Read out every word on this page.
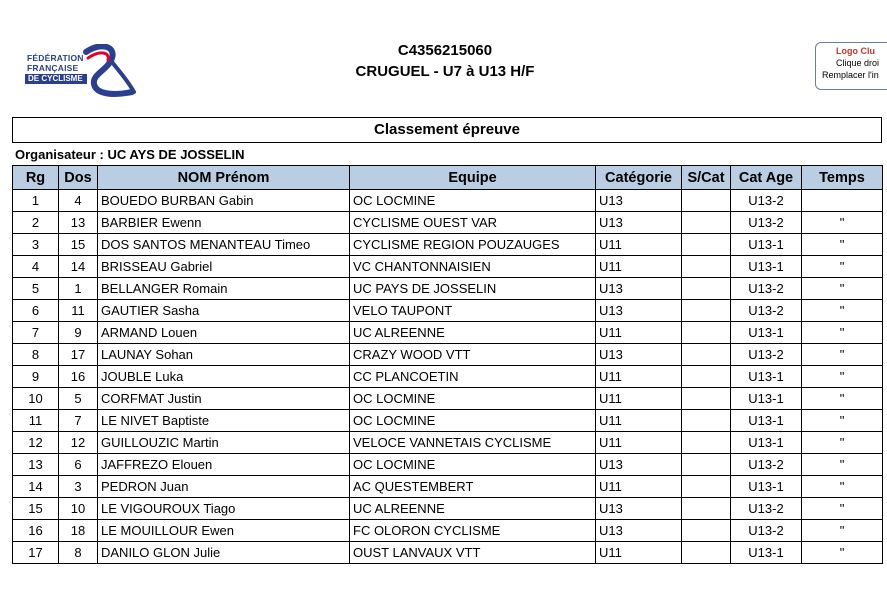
FÉDÉRATION
FRANÇAISE
DE CYCLISME
C4356215060
CRUGUEL - U7 à U13 H/F
Logo Clu
Clique droi
Remplacer l'in
Classement épreuve
Organisateur : UC AYS DE JOSSELIN
Rg	Dos	NOM Prénom	Equipe	Catégorie	S/Cat	Cat Age	Temps
1	4	BOUEDO BURBAN Gabin	OC LOCMINE	U13		U13-2	
2	13	BARBIER Ewenn	CYCLISME OUEST VAR	U13		U13-2	"
3	15	DOS SANTOS MENANTEAU Timeo	CYCLISME REGION POUZAUGES	U11		U13-1	"
4	14	BRISSEAU Gabriel	VC CHANTONNAISIEN	U11		U13-1	"
5	1	BELLANGER Romain	UC PAYS DE JOSSELIN	U13		U13-2	"
6	11	GAUTIER Sasha	VELO TAUPONT	U13		U13-2	"
7	9	ARMAND Louen	UC ALREENNE	U11		U13-1	"
8	17	LAUNAY Sohan	CRAZY WOOD VTT	U13		U13-2	"
9	16	JOUBLE Luka	CC PLANCOETIN	U11		U13-1	"
10	5	CORFMAT Justin	OC LOCMINE	U11		U13-1	"
11	7	LE NIVET Baptiste	OC LOCMINE	U11		U13-1	"
12	12	GUILLOUZIC Martin	VELOCE VANNETAIS CYCLISME	U11		U13-1	"
13	6	JAFFREZO Elouen	OC LOCMINE	U13		U13-2	"
14	3	PEDRON Juan	AC QUESTEMBERT	U11		U13-1	"
15	10	LE VIGOUROUX Tiago	UC ALREENNE	U13		U13-2	"
16	18	LE MOUILLOUR Ewen	FC OLORON CYCLISME	U13		U13-2	"
17	8	DANILO GLON Julie	OUST LANVAUX VTT	U11		U13-1	"
